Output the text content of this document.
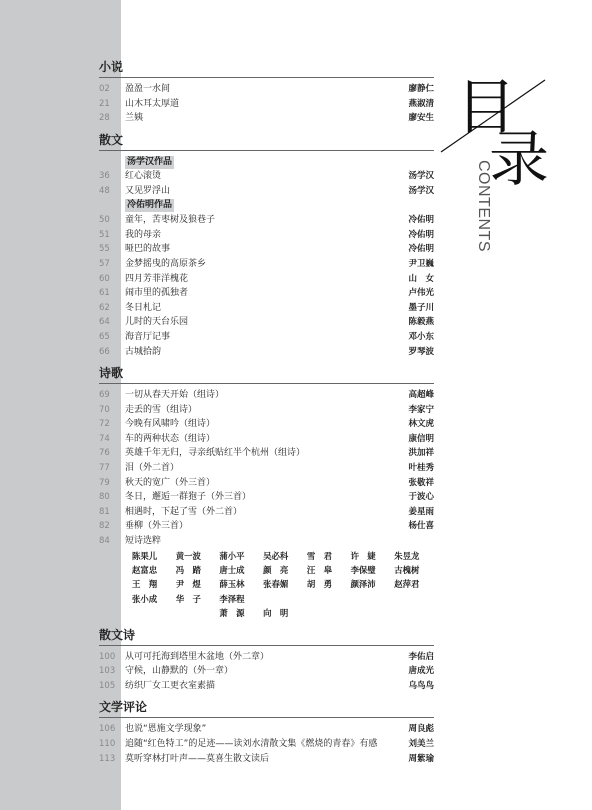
目
录
CONTENTS
小说
02	盈盈一水间	廖静仁
21	山木耳太厚道	燕淑清
28	兰姨	廖安生
散文
汤学汉作品
36	红心滚烫	汤学汉
48	又见罗浮山	汤学汉
冷佑明作品
50	童年，苦枣树及狼巷子	冷佑明
51	我的母亲	冷佑明
55	哑巴的故事	冷佑明
57	金梦摇曳的高原茶乡	尹卫巍
60	四月芳菲洋槐花	山　女
61	闹市里的孤独者	卢伟光
62	冬日札记	墨子川
64	儿时的天台乐园	陈毅燕
65	海音厅记事	邓小东
66	古城拾韵	罗琴波
诗歌
69	一切从春天开始（组诗）	高超峰
70	走丢的雪（组诗）	李家宁
72	今晚有风啸吟（组诗）	林文虎
74	车的两种状态（组诗）	康信明
76	英雄千年无归，寻亲纸贴红半个杭州（组诗）	洪加祥
77	泪（外二首）	叶桂秀
79	秋天的宽广（外三首）	张敬祥
80	冬日，邂逅一群狍子（外三首）	于波心
81	相遇时，下起了雪（外二首）	姜星雨
82	垂柳（外三首）	杨仕喜
84	短诗选粹
陈果儿	黄一波	蒲小平	吴必科	雪　君	许　婕	朱昱龙
赵富忠	冯　踏	唐士成	颜　亮	汪　皋	李保璧	古槐树
王　翔	尹　煜	薛玉林	张春媚	胡　勇	颜泽沛	赵萍君
张小成	华　子	李泽程
萧　源	向　明
散文诗
100	从可可托海到塔里木盆地（外二章）	李佑启
103	守候，山静默的（外一章）	唐成光
105	纺织厂女工更衣室素描	乌鸟鸟
文学评论
106	也说“恩施文学现象”	周良彪
110	追随“红色特工”的足迹——读刘水清散文集《燃烧的青春》有感	刘美兰
113	莫听穿林打叶声——莫喜生散文读后	周紫瑜
